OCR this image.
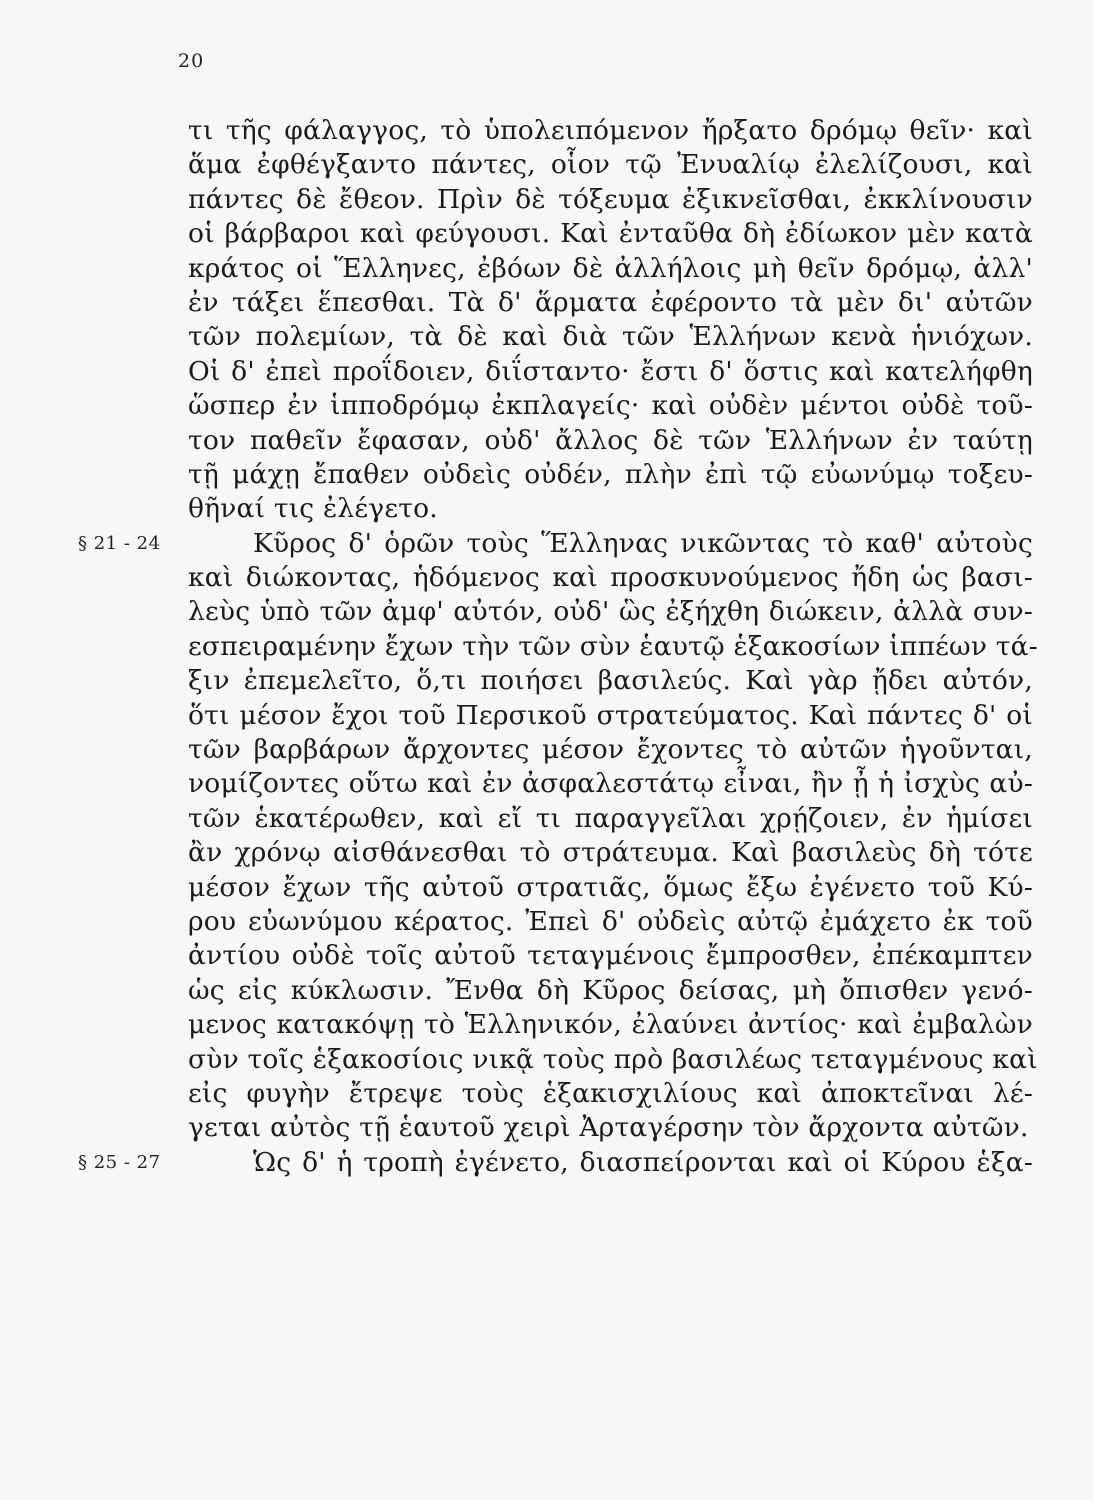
20
τι τῆς φάλαγγος, τὸ ὑπολειπόμενον ἤρξατο δρόμῳ θεῖν· καὶ
ἅμα ἐφθέγξαντο πάντες, οἷον τῷ Ἐνυαλίῳ ἐλελίζουσι, καὶ
πάντες δὲ ἔθεον. Πρὶν δὲ τόξευμα ἐξικνεῖσθαι, ἐκκλίνουσιν
οἱ βάρβαροι καὶ φεύγουσι. Καὶ ἐνταῦθα δὴ ἐδίωκον μὲν κατὰ
κράτος οἱ Ἕλληνες, ἐβόων δὲ ἀλλήλοις μὴ θεῖν δρόμῳ, ἀλλ'
ἐν τάξει ἕπεσθαι. Τὰ δ' ἅρματα ἐφέροντο τὰ μὲν δι' αὐτῶν
τῶν πολεμίων, τὰ δὲ καὶ διὰ τῶν Ἑλλήνων κενὰ ἡνιόχων.
Οἱ δ' ἐπεὶ προΐδοιεν, διΐσταντο· ἔστι δ' ὅστις καὶ κατελήφθη
ὥσπερ ἐν ἱπποδρόμῳ ἐκπλαγείς· καὶ οὐδὲν μέντοι οὐδὲ τοῦ-
τον παθεῖν ἔφασαν, οὐδ' ἄλλος δὲ τῶν Ἑλλήνων ἐν ταύτῃ
τῇ μάχῃ ἔπαθεν οὐδεὶς οὐδέν, πλὴν ἐπὶ τῷ εὐωνύμῳ τοξευ-
θῆναί τις ἐλέγετο.
Κῦρος δ' ὁρῶν τοὺς Ἕλληνας νικῶντας τὸ καθ' αὐτοὺς
§ 21 - 24
καὶ διώκοντας, ἡδόμενος καὶ προσκυνούμενος ἤδη ὡς βασι-
λεὺς ὑπὸ τῶν ἀμφ' αὐτόν, οὐδ' ὣς ἐξήχθη διώκειν, ἀλλὰ συν-
εσπειραμένην ἔχων τὴν τῶν σὺν ἑαυτῷ ἑξακοσίων ἱππέων τά-
ξιν ἐπεμελεῖτο, ὅ,τι ποιήσει βασιλεύς. Καὶ γὰρ ᾔδει αὐτόν,
ὅτι μέσον ἔχοι τοῦ Περσικοῦ στρατεύματος. Καὶ πάντες δ' οἱ
τῶν βαρβάρων ἄρχοντες μέσον ἔχοντες τὸ αὐτῶν ἡγοῦνται,
νομίζοντες οὕτω καὶ ἐν ἀσφαλεστάτῳ εἶναι, ἢν ᾖ ἡ ἰσχὺς αὐ-
τῶν ἑκατέρωθεν, καὶ εἴ τι παραγγεῖλαι χρῄζοιεν, ἐν ἡμίσει
ἂν χρόνῳ αἰσθάνεσθαι τὸ στράτευμα. Καὶ βασιλεὺς δὴ τότε
μέσον ἔχων τῆς αὐτοῦ στρατιᾶς, ὅμως ἔξω ἐγένετο τοῦ Κύ-
ρου εὐωνύμου κέρατος. Ἐπεὶ δ' οὐδεὶς αὐτῷ ἐμάχετο ἐκ τοῦ
ἀντίου οὐδὲ τοῖς αὐτοῦ τεταγμένοις ἔμπροσθεν, ἐπέκαμπτεν
ὡς εἰς κύκλωσιν. Ἔνθα δὴ Κῦρος δείσας, μὴ ὄπισθεν γενό-
μενος κατακόψῃ τὸ Ἑλληνικόν, ἐλαύνει ἀντίος· καὶ ἐμβαλὼν
σὺν τοῖς ἑξακοσίοις νικᾷ τοὺς πρὸ βασιλέως τεταγμένους καὶ
εἰς φυγὴν ἔτρεψε τοὺς ἑξακισχιλίους καὶ ἀποκτεῖναι λέ-
γεται αὐτὸς τῇ ἑαυτοῦ χειρὶ Ἀρταγέρσην τὸν ἄρχοντα αὐτῶν.
Ὡς δ' ἡ τροπὴ ἐγένετο, διασπείρονται καὶ οἱ Κύρου ἑξα-
§ 25 - 27
